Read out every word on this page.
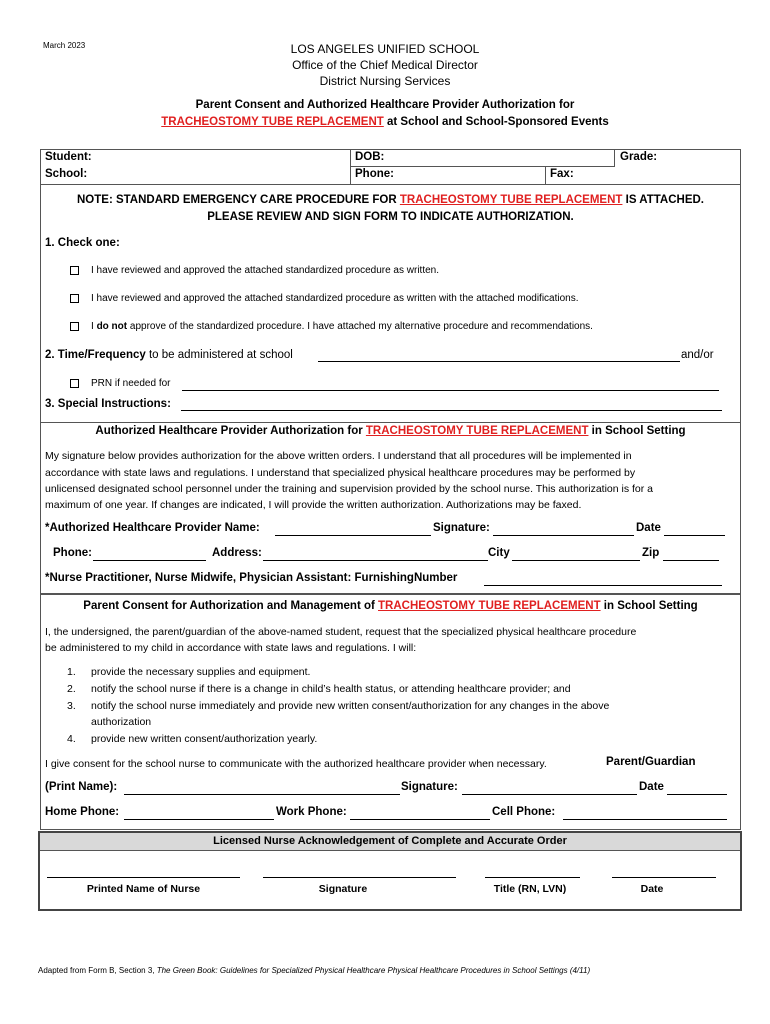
March 2023	LOS ANGELES UNIFIED SCHOOL
Office of the Chief Medical Director
District Nursing Services
Parent Consent and Authorized Healthcare Provider Authorization for
TRACHEOSTOMY TUBE REPLACEMENT at School and School-Sponsored Events
Student:	DOB:	Grade:
School:	Phone:	Fax:
NOTE: STANDARD EMERGENCY CARE PROCEDURE FOR TRACHEOSTOMY TUBE REPLACEMENT IS ATTACHED.
PLEASE REVIEW AND SIGN FORM TO INDICATE AUTHORIZATION.
1. Check one:
I have reviewed and approved the attached standardized procedure as written.
I have reviewed and approved the attached standardized procedure as written with the attached modifications.
I do not approve of the standardized procedure. I have attached my alternative procedure and recommendations.
2. Time/Frequency to be administered at school	and/or
PRN if needed for
3. Special Instructions:
Authorized Healthcare Provider Authorization for TRACHEOSTOMY TUBE REPLACEMENT in School Setting
My signature below provides authorization for the above written orders. I understand that all procedures will be implemented in
accordance with state laws and regulations. I understand that specialized physical healthcare procedures may be performed by
unlicensed designated school personnel under the training and supervision provided by the school nurse. This authorization is for a
maximum of one year. If changes are indicated, I will provide the written authorization. Authorizations may be faxed.
*Authorized Healthcare Provider Name:	Signature:	Date
Phone:	Address:	City	Zip
*Nurse Practitioner, Nurse Midwife, Physician Assistant: FurnishingNumber
Parent Consent for Authorization and Management of TRACHEOSTOMY TUBE REPLACEMENT in School Setting
I, the undersigned, the parent/guardian of the above-named student, request that the specialized physical healthcare procedure
be administered to my child in accordance with state laws and regulations. I will:
1. provide the necessary supplies and equipment.
2. notify the school nurse if there is a change in child’s health status, or attending healthcare provider; and
3. notify the school nurse immediately and provide new written consent/authorization for any changes in the above
authorization
4. provide new written consent/authorization yearly.
I give consent for the school nurse to communicate with the authorized healthcare provider when necessary.	Parent/Guardian
(Print Name):	Signature:	Date
Home Phone:	Work Phone:	Cell Phone:
Licensed Nurse Acknowledgement of Complete and Accurate Order
Printed Name of Nurse	Signature	Title (RN, LVN)	Date
Adapted from Form B, Section 3, The Green Book: Guidelines for Specialized Physical Healthcare Physical Healthcare Procedures in School Settings (4/11)
